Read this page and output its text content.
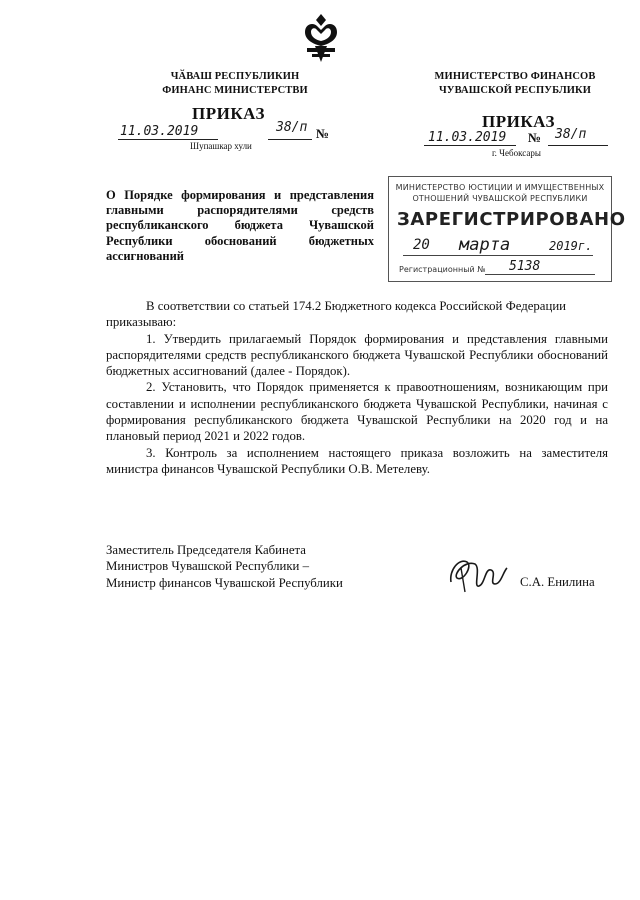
ЧӐВАШ РЕСПУБЛИКИН
ФИНАНС МИНИСТЕРСТВИ
МИНИСТЕРСТВО ФИНАНСОВ
ЧУВАШСКОЙ РЕСПУБЛИКИ
ПРИКАЗ
11.03.2019	38/п №
Шупашкар хули
ПРИКАЗ
11.03.2019 № 38/п
г. Чебоксары
О Порядке формирования и представления главными распорядителями средств республиканского бюджета Чувашской Республики обоснований бюджетных ассигнований
МИНИСТЕРСТВО ЮСТИЦИИ И ИМУЩЕСТВЕННЫХ
ОТНОШЕНИЙ ЧУВАШСКОЙ РЕСПУБЛИКИ
ЗАРЕГИСТРИРОВАНО
20 марта	2019г.
Регистрационный № 5138

В соответствии со статьей 174.2 Бюджетного кодекса Российской Федерации

приказываю:

1. Утвердить прилагаемый Порядок формирования и представления главными распорядителями средств республиканского бюджета Чувашской Республики обоснований бюджетных ассигнований (далее - Порядок).

2. Установить, что Порядок применяется к правоотношениям, возникающим при составлении и исполнении республиканского бюджета Чувашской Республики, начиная с формирования республиканского бюджета Чувашской Республики на 2020 год и на плановый период 2021 и 2022 годов.

3. Контроль за исполнением настоящего приказа возложить на заместителя министра финансов Чувашской Республики О.В. Метелеву.

Заместитель Председателя Кабинета
Министров Чувашской Республики –
Министр финансов Чувашской Республики	С.А. Енилина
